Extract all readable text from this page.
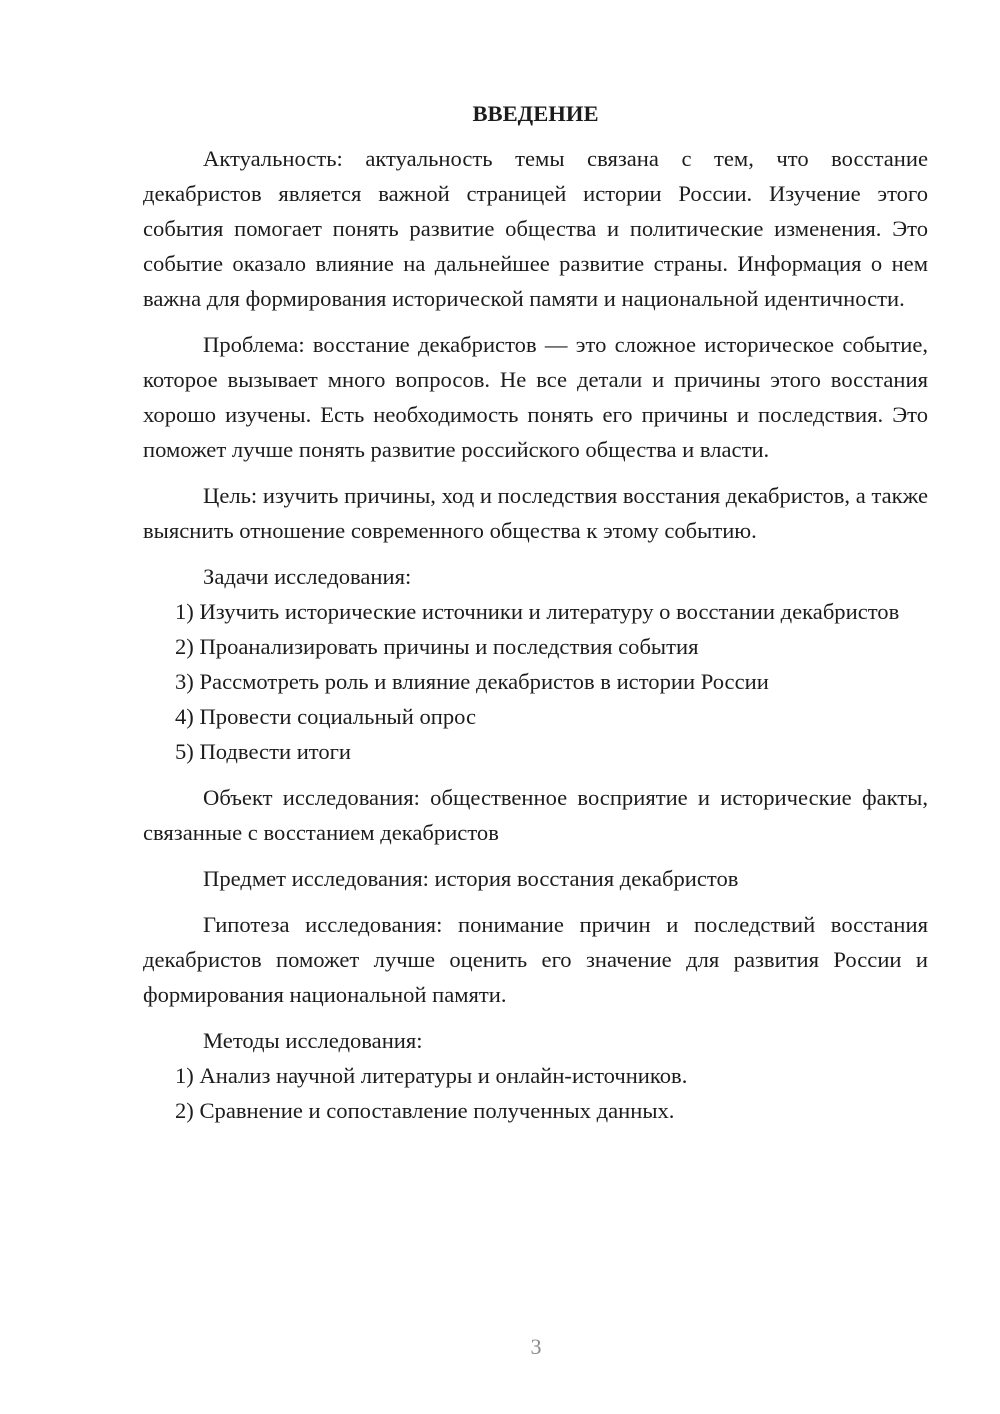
ВВЕДЕНИЕ

Актуальность: актуальность темы связана с тем, что восстание декабристов является важной страницей истории России. Изучение этого события помогает понять развитие общества и политические изменения. Это событие оказало влияние на дальнейшее развитие страны. Информация о нем важна для формирования исторической памяти и национальной идентичности.

Проблема: восстание декабристов — это сложное историческое событие, которое вызывает много вопросов. Не все детали и причины этого восстания хорошо изучены. Есть необходимость понять его причины и последствия. Это поможет лучше понять развитие российского общества и власти.

Цель: изучить причины, ход и последствия восстания декабристов, а также выяснить отношение современного общества к этому событию.

Задачи исследования:

1) Изучить исторические источники и литературу о восстании декабристов

2) Проанализировать причины и последствия события

3) Рассмотреть роль и влияние декабристов в истории России

4) Провести социальный опрос

5) Подвести итоги

Объект исследования: общественное восприятие и исторические факты, связанные с восстанием декабристов

Предмет исследования: история восстания декабристов

Гипотеза исследования: понимание причин и последствий восстания декабристов поможет лучше оценить его значение для развития России и формирования национальной памяти.

Методы исследования:

1) Анализ научной литературы и онлайн-источников.

2) Сравнение и сопоставление полученных данных.

3
